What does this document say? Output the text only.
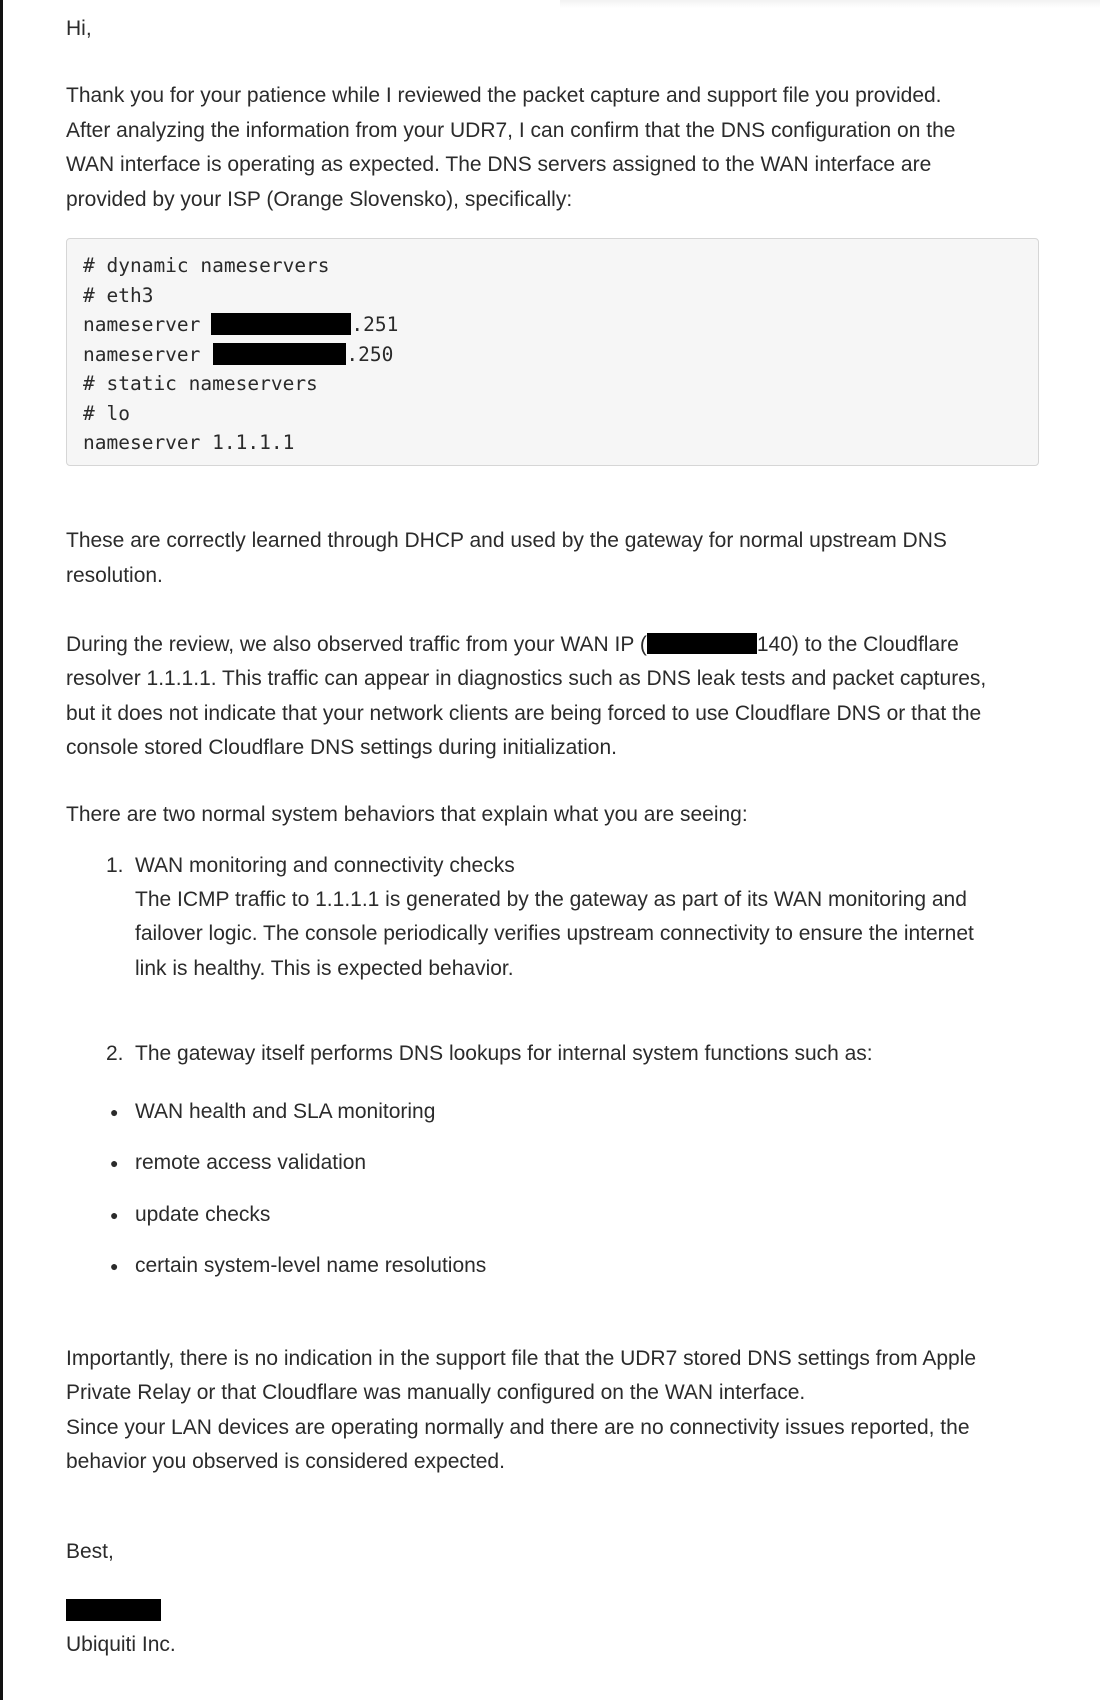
Hi,

Thank you for your patience while I reviewed the packet capture and support file you provided.

After analyzing the information from your UDR7, I can confirm that the DNS configuration on the

WAN interface is operating as expected. The DNS servers assigned to the WAN interface are

provided by your ISP (Orange Slovensko), specifically:

# dynamic nameservers
# eth3
nameserver	.251
nameserver	.250
# static nameservers
# lo
nameserver 1.1.1.1

These are correctly learned through DHCP and used by the gateway for normal upstream DNS

resolution.

During the review, we also observed traffic from your WAN IP (	140) to the Cloudflare

resolver 1.1.1.1. This traffic can appear in diagnostics such as DNS leak tests and packet captures,

but it does not indicate that your network clients are being forced to use Cloudflare DNS or that the

console stored Cloudflare DNS settings during initialization.

There are two normal system behaviors that explain what you are seeing:

1. WAN monitoring and connectivity checks
The ICMP traffic to 1.1.1.1 is generated by the gateway as part of its WAN monitoring and
failover logic. The console periodically verifies upstream connectivity to ensure the internet
link is healthy. This is expected behavior.
2. The gateway itself performs DNS lookups for internal system functions such as:
● WAN health and SLA monitoring
● remote access validation
● update checks
● certain system-level name resolutions

Importantly, there is no indication in the support file that the UDR7 stored DNS settings from Apple

Private Relay or that Cloudflare was manually configured on the WAN interface.

Since your LAN devices are operating normally and there are no connectivity issues reported, the

behavior you observed is considered expected.

Best,

Ubiquiti Inc.
